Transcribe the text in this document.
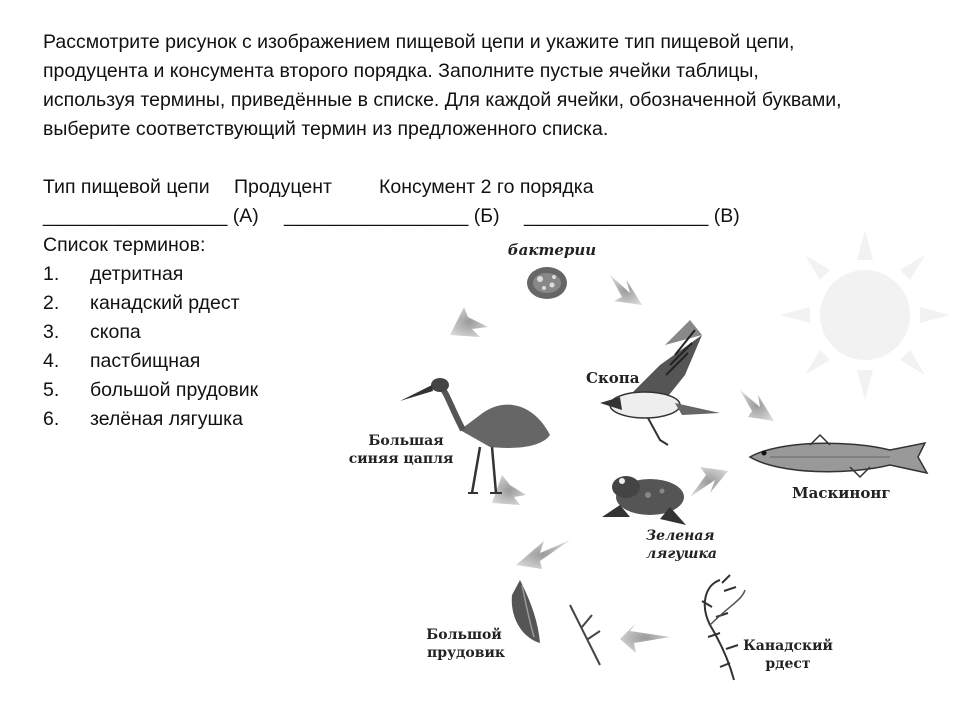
Рассмотрите рисунок с изображением пищевой цепи и укажите тип пищевой цепи, продуцента и консумента второго порядка. Заполните пустые ячейки таблицы, используя термины, приведённые в списке. Для каждой ячейки, обозначенной буквами, выберите соответствующий термин из предложенного списка.

Тип пищевой цепи Продуцент Консумент 2 го порядка
_________________ (А) _________________ (Б) _________________ (В)
Список терминов:
1. детритная
2. канадский рдест
3. скопа
4. пастбищная
5. большой прудовик
6. зелёная лягушка
бактерии
Скопа
Большая
синяя цапля
Маскинонг
Зеленая
лягушка
Большой
прудовик	Канадский
рдест
